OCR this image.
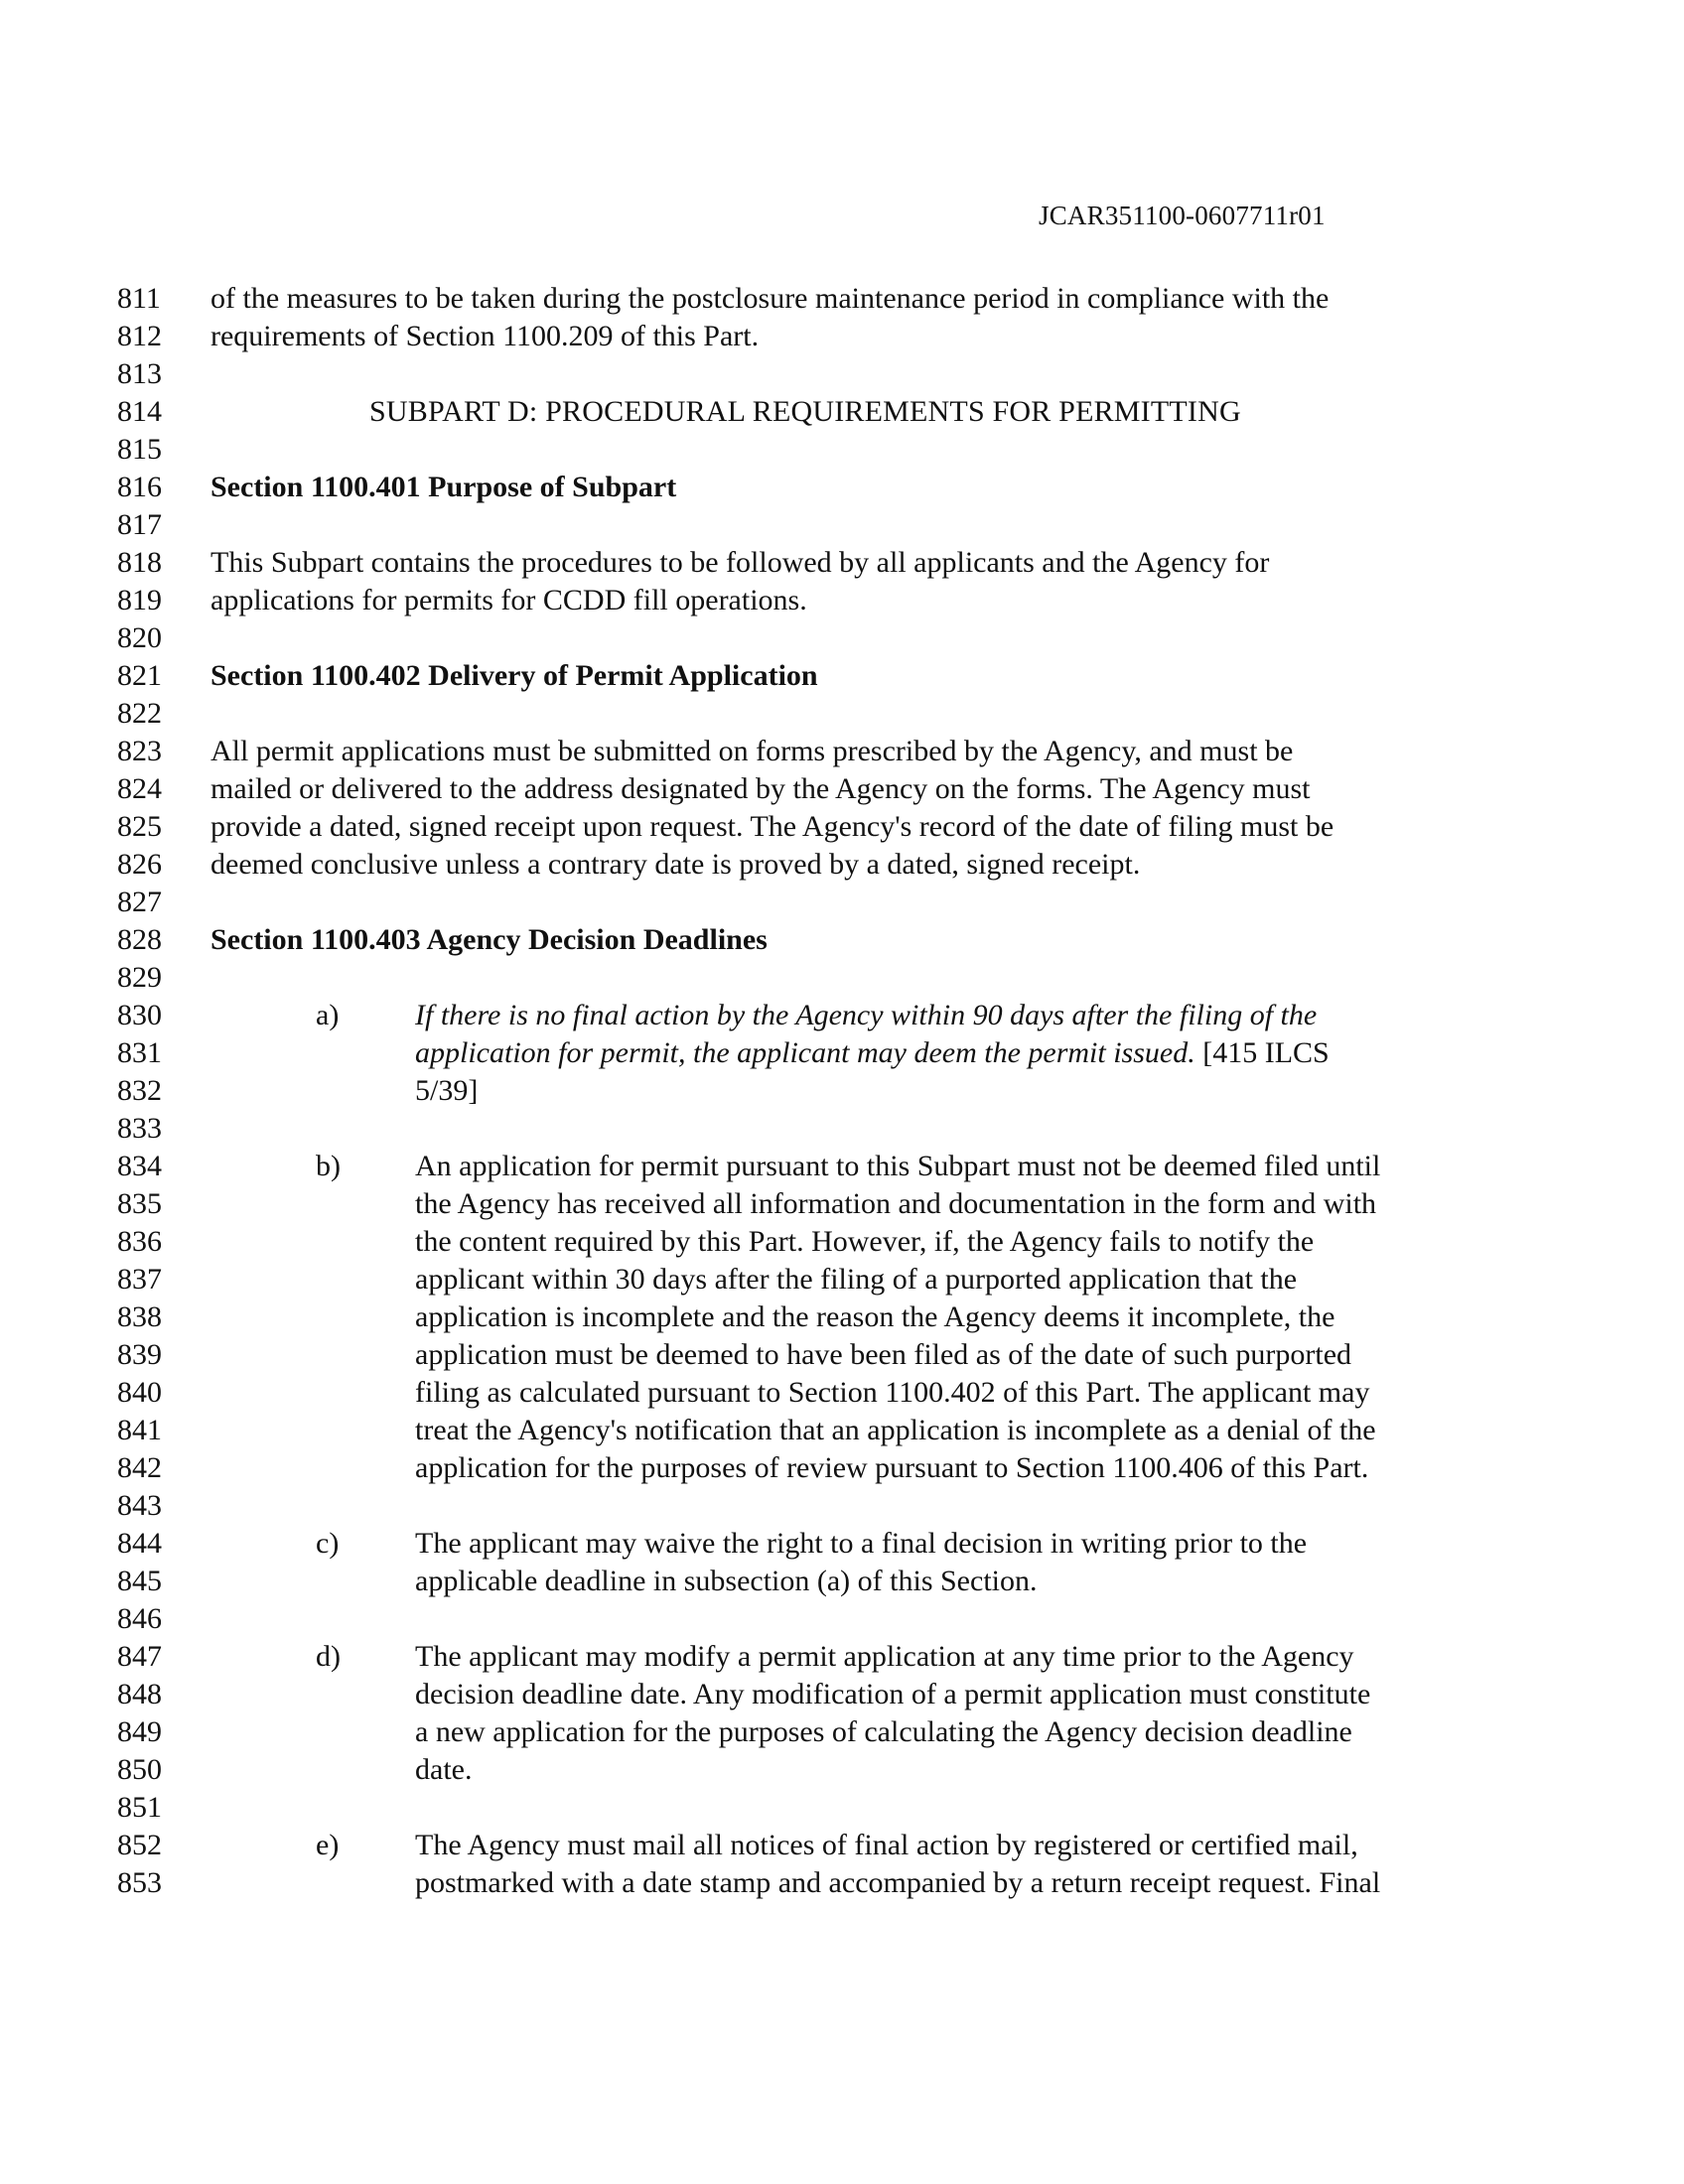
JCAR351100-0607711r01
811	of the measures to be taken during the postclosure maintenance period in compliance with the
812	requirements of Section 1100.209 of this Part.
813
814	SUBPART D: PROCEDURAL REQUIREMENTS FOR PERMITTING
815
816	Section 1100.401 Purpose of Subpart
817
818	This Subpart contains the procedures to be followed by all applicants and the Agency for
819	applications for permits for CCDD fill operations.
820
821	Section 1100.402 Delivery of Permit Application
822
823	All permit applications must be submitted on forms prescribed by the Agency, and must be
824	mailed or delivered to the address designated by the Agency on the forms. The Agency must
825	provide a dated, signed receipt upon request. The Agency's record of the date of filing must be
826	deemed conclusive unless a contrary date is proved by a dated, signed receipt.
827
828	Section 1100.403 Agency Decision Deadlines
829
830	a)	If there is no final action by the Agency within 90 days after the filing of the
831	application for permit, the applicant may deem the permit issued. [415 ILCS
832	5/39]
833
834	b)	An application for permit pursuant to this Subpart must not be deemed filed until
835	the Agency has received all information and documentation in the form and with
836	the content required by this Part. However, if, the Agency fails to notify the
837	applicant within 30 days after the filing of a purported application that the
838	application is incomplete and the reason the Agency deems it incomplete, the
839	application must be deemed to have been filed as of the date of such purported
840	filing as calculated pursuant to Section 1100.402 of this Part. The applicant may
841	treat the Agency's notification that an application is incomplete as a denial of the
842	application for the purposes of review pursuant to Section 1100.406 of this Part.
843
844	c)	The applicant may waive the right to a final decision in writing prior to the
845	applicable deadline in subsection (a) of this Section.
846
847	d)	The applicant may modify a permit application at any time prior to the Agency
848	decision deadline date. Any modification of a permit application must constitute
849	a new application for the purposes of calculating the Agency decision deadline
850	date.
851
852	e)	The Agency must mail all notices of final action by registered or certified mail,
853	postmarked with a date stamp and accompanied by a return receipt request. Final
